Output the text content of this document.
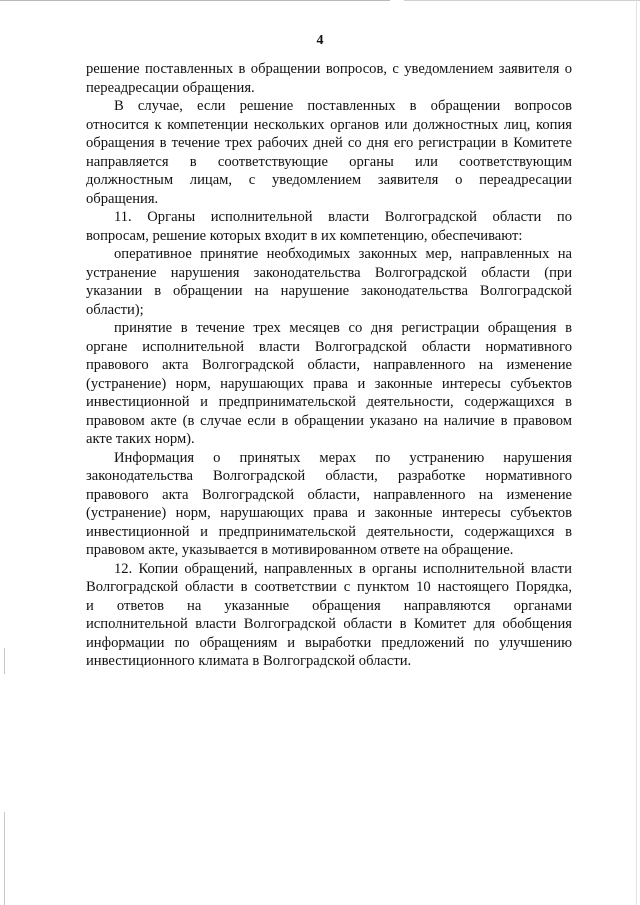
4
решение поставленных в обращении вопросов, с уведомлением заявителя о
переадресации обращения.
В случае, если решение поставленных в обращении вопросов
относится к компетенции нескольких органов или должностных лиц, копия
обращения в течение трех рабочих дней со дня его регистрации в Комитете
направляется в соответствующие органы или соответствующим
должностным лицам, с уведомлением заявителя о переадресации
обращения.
11. Органы исполнительной власти Волгоградской области по
вопросам, решение которых входит в их компетенцию, обеспечивают:
оперативное принятие необходимых законных мер, направленных на
устранение нарушения законодательства Волгоградской области (при
указании в обращении на нарушение законодательства Волгоградской
области);
принятие в течение трех месяцев со дня регистрации обращения в
органе исполнительной власти Волгоградской области нормативного
правового акта Волгоградской области, направленного на изменение
(устранение) норм, нарушающих права и законные интересы субъектов
инвестиционной и предпринимательской деятельности, содержащихся в
правовом акте (в случае если в обращении указано на наличие в правовом
акте таких норм).
Информация о принятых мерах по устранению нарушения
законодательства Волгоградской области, разработке нормативного
правового акта Волгоградской области, направленного на изменение
(устранение) норм, нарушающих права и законные интересы субъектов
инвестиционной и предпринимательской деятельности, содержащихся в
правовом акте, указывается в мотивированном ответе на обращение.
12. Копии обращений, направленных в органы исполнительной власти
Волгоградской области в соответствии с пунктом 10 настоящего Порядка,
и ответов на указанные обращения направляются органами
исполнительной власти Волгоградской области в Комитет для обобщения
информации по обращениям и выработки предложений по улучшению
инвестиционного климата в Волгоградской области.
